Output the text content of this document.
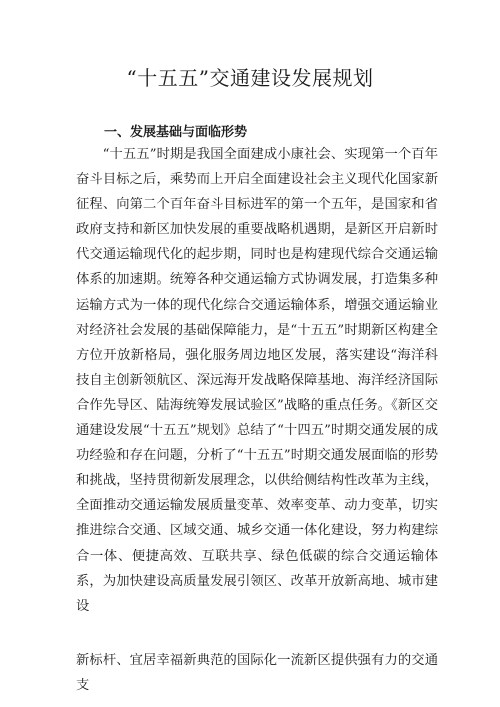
“十五五”交通建设发展规划
一、发展基础与面临形势

“十五五”时期是我国全面建成小康社会、实现第一个百年奋斗目标之后，乘势而上开启全面建设社会主义现代化国家新征程、向第二个百年奋斗目标进军的第一个五年，是国家和省政府支持和新区加快发展的重要战略机遇期，是新区开启新时代交通运输现代化的起步期，同时也是构建现代综合交通运输体系的加速期。统筹各种交通运输方式协调发展，打造集多种运输方式为一体的现代化综合交通运输体系，增强交通运输业对经济社会发展的基础保障能力，是“十五五”时期新区构建全方位开放新格局，强化服务周边地区发展，落实建设“海洋科技自主创新领航区、深远海开发战略保障基地、海洋经济国际合作先导区、陆海统筹发展试验区”战略的重点任务。《新区交通建设发展“十五五”规划》总结了“十四五”时期交通发展的成功经验和存在问题，分析了“十五五”时期交通发展面临的形势和挑战，坚持贯彻新发展理念，以供给侧结构性改革为主线，全面推动交通运输发展质量变革、效率变革、动力变革，切实推进综合交通、区域交通、城乡交通一体化建设，努力构建综合一体、便捷高效、互联共享、绿色低碳的综合交通运输体系，为加快建设高质量发展引领区、改革开放新高地、城市建设

新标杆、宜居幸福新典范的国际化一流新区提供强有力的交通支
